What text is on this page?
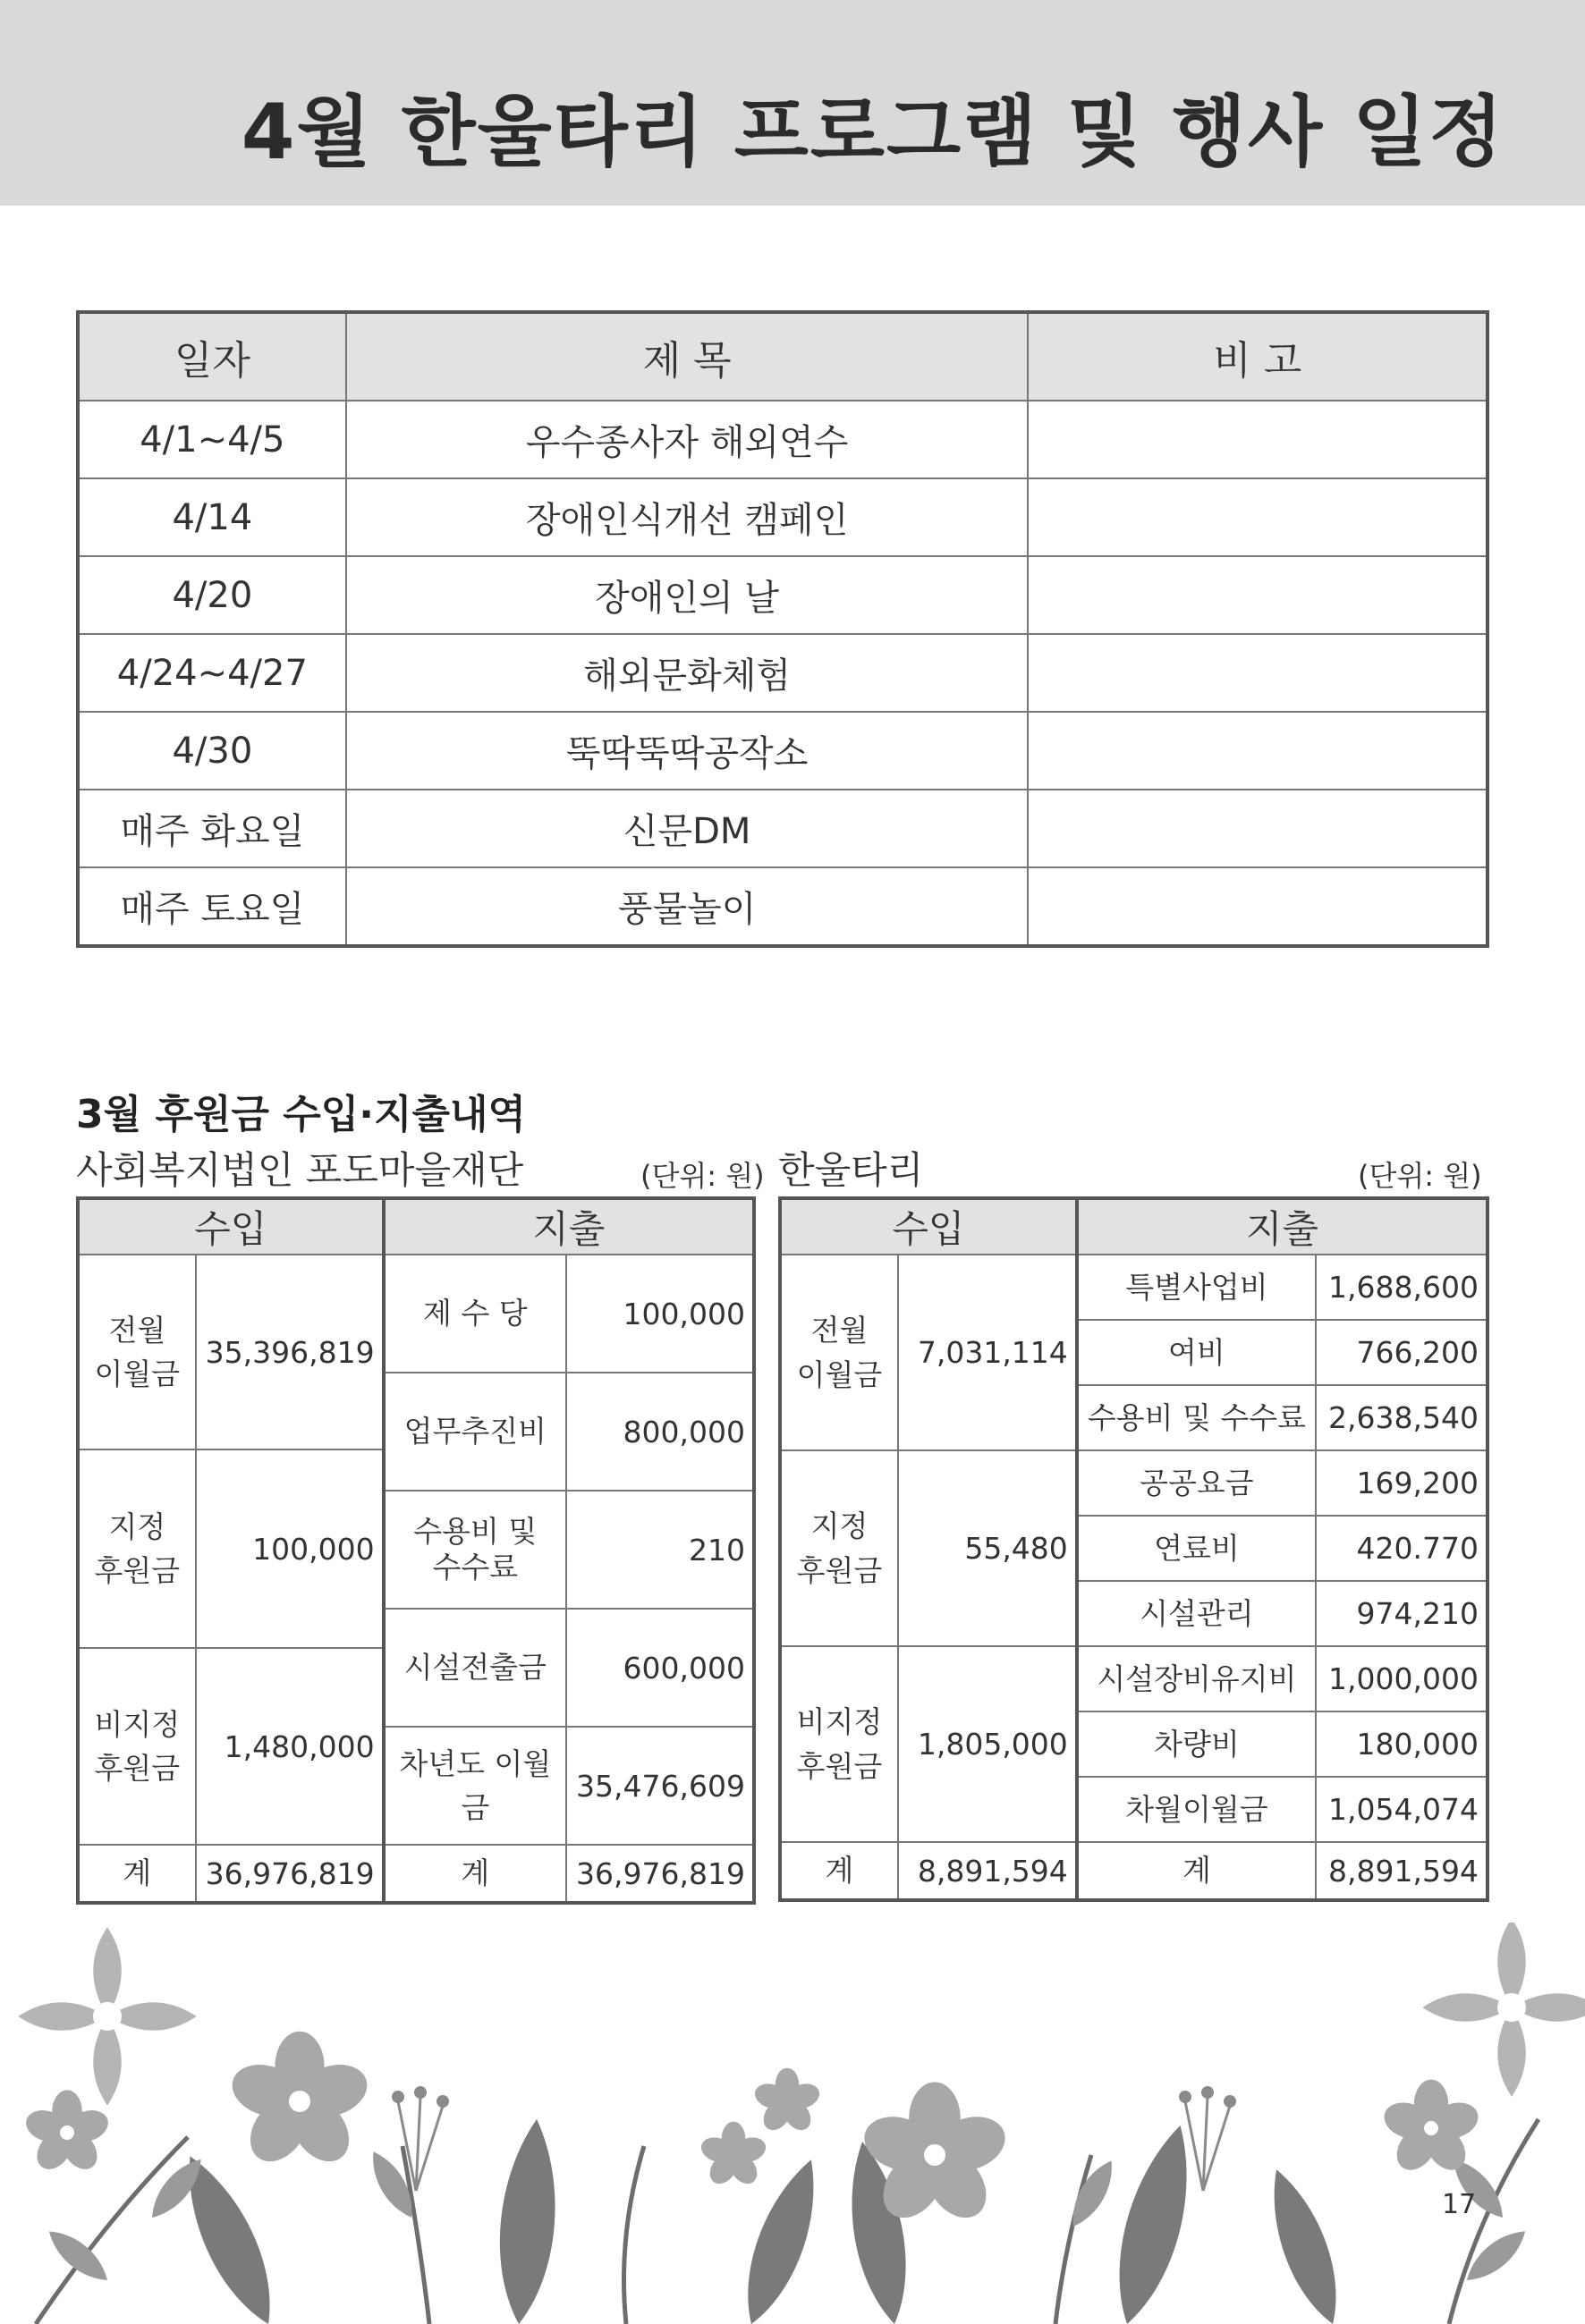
4월 한울타리 프로그램 및 행사 일정
일자	제 목	비 고
4/1~4/5	우수종사자 해외연수	
4/14	장애인식개선 캠페인	
4/20	장애인의 날	
4/24~4/27	해외문화체험	
4/30	뚝딱뚝딱공작소	
매주 화요일	신문DM	
매주 토요일	풍물놀이	
3월 후원금 수입·지출내역

사회복지법인 포도마을재단	(단위: 원) 한울타리	(단위: 원)
수입		지출	
전월
이월금	35,396,819	제 수 당	100,000
		업무추진비	800,000
지정
후원금	100,000		
		수용비 및
수수료	210
		시설전출금	600,000
비지정
후원금	1,480,000		
		차년도 이월금	35,476,609
계	36,976,819	계	36,976,819
수입		지출	
전월
이월금	7,031,114	특별사업비	1,688,600
		여비	766,200
		수용비 및 수수료	2,638,540
지정
후원금	55,480	공공요금	169,200
		연료비	420.770
		시설관리	974,210
비지정
후원금	1,805,000	시설장비유지비	1,000,000
		차량비	180,000
		차월이월금	1,054,074
계	8,891,594	계	8,891,594
17
